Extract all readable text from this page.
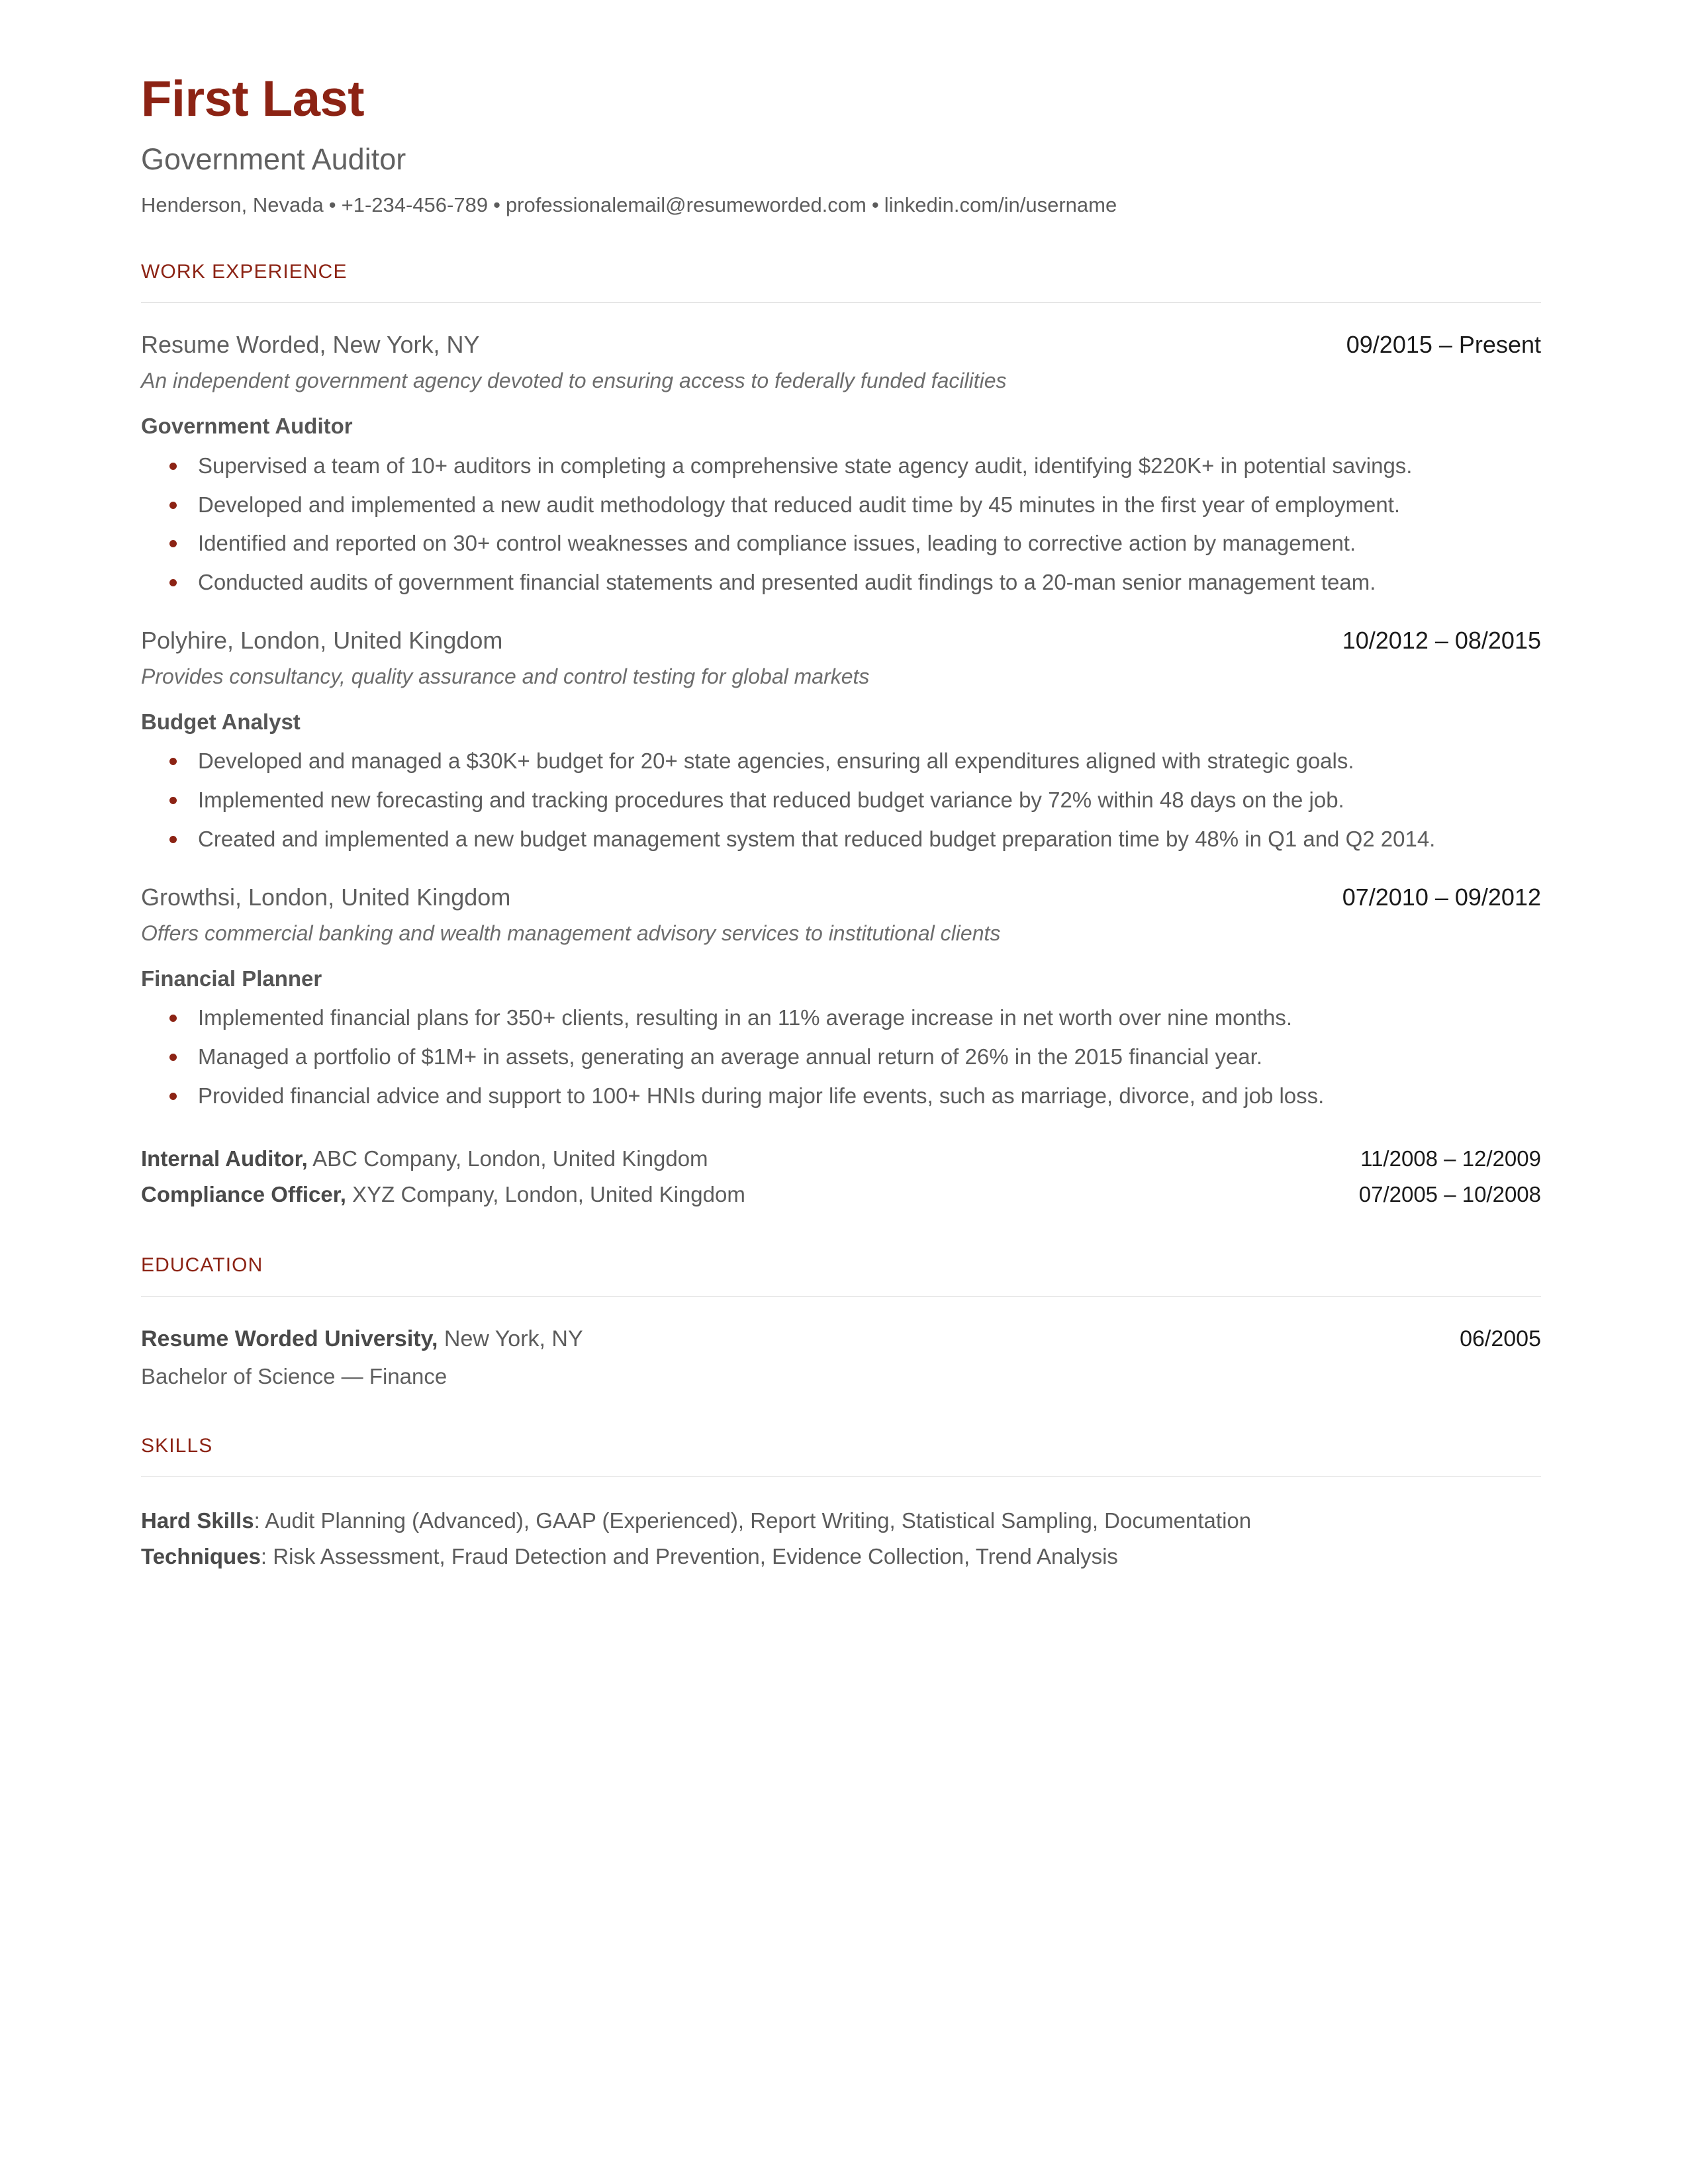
First Last
Government Auditor
Henderson, Nevada • +1-234-456-789 • professionalemail@resumeworded.com • linkedin.com/in/username
WORK EXPERIENCE
Resume Worded, New York, NY	09/2015 – Present
An independent government agency devoted to ensuring access to federally funded facilities
Government Auditor
Supervised a team of 10+ auditors in completing a comprehensive state agency audit, identifying $220K+ in potential savings.
Developed and implemented a new audit methodology that reduced audit time by 45 minutes in the first year of employment.
Identified and reported on 30+ control weaknesses and compliance issues, leading to corrective action by management.
Conducted audits of government financial statements and presented audit findings to a 20-man senior management team.
Polyhire, London, United Kingdom	10/2012 – 08/2015
Provides consultancy, quality assurance and control testing for global markets
Budget Analyst
Developed and managed a $30K+ budget for 20+ state agencies, ensuring all expenditures aligned with strategic goals.
Implemented new forecasting and tracking procedures that reduced budget variance by 72% within 48 days on the job.
Created and implemented a new budget management system that reduced budget preparation time by 48% in Q1 and Q2 2014.
Growthsi, London, United Kingdom	07/2010 – 09/2012
Offers commercial banking and wealth management advisory services to institutional clients
Financial Planner
Implemented financial plans for 350+ clients, resulting in an 11% average increase in net worth over nine months.
Managed a portfolio of $1M+ in assets, generating an average annual return of 26% in the 2015 financial year.
Provided financial advice and support to 100+ HNIs during major life events, such as marriage, divorce, and job loss.
Internal Auditor, ABC Company, London, United Kingdom	11/2008 – 12/2009
Compliance Officer, XYZ Company, London, United Kingdom	07/2005 – 10/2008
EDUCATION
Resume Worded University, New York, NY	06/2005
Bachelor of Science — Finance
SKILLS
Hard Skills: Audit Planning (Advanced), GAAP (Experienced), Report Writing, Statistical Sampling, Documentation
Techniques: Risk Assessment, Fraud Detection and Prevention, Evidence Collection, Trend Analysis
